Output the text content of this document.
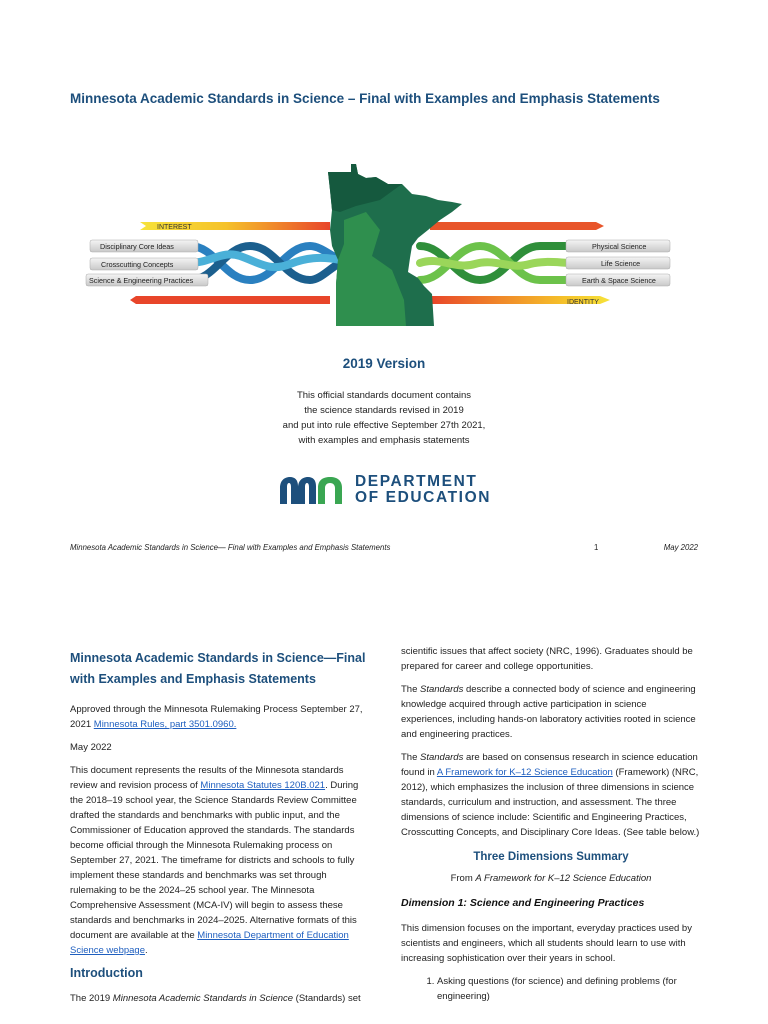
Minnesota Academic Standards in Science – Final with Examples and Emphasis Statements
INTEREST
IDENTITY
Disciplinary Core Ideas
Crosscutting Concepts
Science & Engineering Practices
Physical Science
Life Science
Earth & Space Science
2019 Version
This official standards document contains
the science standards revised in 2019
and put into rule effective September 27th 2021,
with examples and emphasis statements
DEPARTMENT
OF EDUCATION
Minnesota Academic Standards in Science— Final with Examples and Emphasis Statements	1	May 2022
Minnesota Academic Standards in Science—Final with Examples and Emphasis Statements

Approved through the Minnesota Rulemaking Process September 27, 2021 Minnesota Rules, part 3501.0960.

May 2022

This document represents the results of the Minnesota standards review and revision process of Minnesota Statutes 120B.021. During the 2018–19 school year, the Science Standards Review Committee drafted the standards and benchmarks with public input, and the Commissioner of Education approved the standards. The standards become official through the Minnesota Rulemaking process on September 27, 2021. The timeframe for districts and schools to fully implement these standards and benchmarks was set through rulemaking to be the 2024–25 school year. The Minnesota Comprehensive Assessment (MCA-IV) will begin to assess these standards and benchmarks in 2024–2025. Alternative formats of this document are available at the Minnesota Department of Education Science webpage.

Introduction

The 2019 Minnesota Academic Standards in Science (Standards) set

scientific issues that affect society (NRC, 1996). Graduates should be prepared for career and college opportunities.

The Standards describe a connected body of science and engineering knowledge acquired through active participation in science experiences, including hands-on laboratory activities rooted in science and engineering practices.

The Standards are based on consensus research in science education found in A Framework for K–12 Science Education (Framework) (NRC, 2012), which emphasizes the inclusion of three dimensions in science standards, curriculum and instruction, and assessment. The three dimensions of science include: Scientific and Engineering Practices, Crosscutting Concepts, and Disciplinary Core Ideas. (See table below.)

Three Dimensions Summary

From A Framework for K–12 Science Education

Dimension 1: Science and Engineering Practices

This dimension focuses on the important, everyday practices used by scientists and engineers, which all students should learn to use with increasing sophistication over their years in school.

1. Asking questions (for science) and defining problems (for engineering)
